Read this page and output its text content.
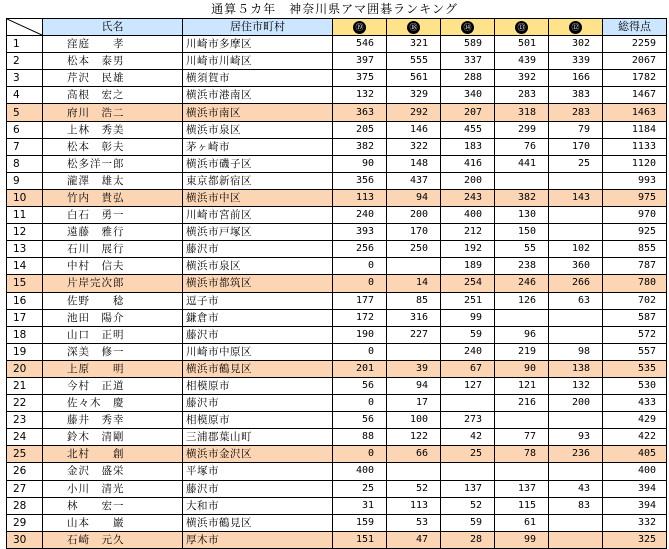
通算５カ年　神奈川県アマ囲碁ランキング
	氏名	居住市町村	⑲	⑱	⑭	⑬	⑫	総得点
1	窪庭　　孝	川崎市多摩区	546	321	589	501	302	2259
2	松本　泰男	川崎市川崎区	397	555	337	439	339	2067
3	芹沢　民雄	横須賀市	375	561	288	392	166	1782
4	高根　宏之	横浜市港南区	132	329	340	283	383	1467
5	府川　浩二	横浜市南区	363	292	207	318	283	1463
6	上林　秀美	横浜市泉区	205	146	455	299	79	1184
7	松本　彰夫	茅ヶ崎市	382	322	183	76	170	1133
8	松多洋一郎	横浜市磯子区	90	148	416	441	25	1120
9	瀧澤　雄太	東京都新宿区	356	437	200			993
10	竹内　貴弘	横浜市中区	113	94	243	382	143	975
11	白石　勇一	川崎市宮前区	240	200	400	130		970
12	遠藤　雅行	横浜市戸塚区	393	170	212	150		925
13	石川　展行	藤沢市	256	250	192	55	102	855
14	中村　信夫	横浜市泉区	0		189	238	360	787
15	片岸完次郎	横浜市都筑区	0	14	254	246	266	780
16	佐野　　稔	逗子市	177	85	251	126	63	702
17	池田　陽介	鎌倉市	172	316	99			587
18	山口　正明	藤沢市	190	227	59	96		572
19	深美　修一	川崎市中原区	0		240	219	98	557
20	上原　　明	横浜市鶴見区	201	39	67	90	138	535
21	今村　正道	相模原市	56	94	127	121	132	530
22	佐々木　慶	藤沢市	0	17		216	200	433
23	藤井　秀幸	相模原市	56	100	273			429
24	鈴木　清剛	三浦郡葉山町	88	122	42	77	93	422
25	北村　　創	横浜市金沢区	0	66	25	78	236	405
26	金沢　盛栄	平塚市	400					400
27	小川　清光	藤沢市	25	52	137	137	43	394
28	林　　宏一	大和市	31	113	52	115	83	394
29	山本　　巌	横浜市鶴見区	159	53	59	61		332
30	石崎　元久	厚木市	151	47	28	99		325
